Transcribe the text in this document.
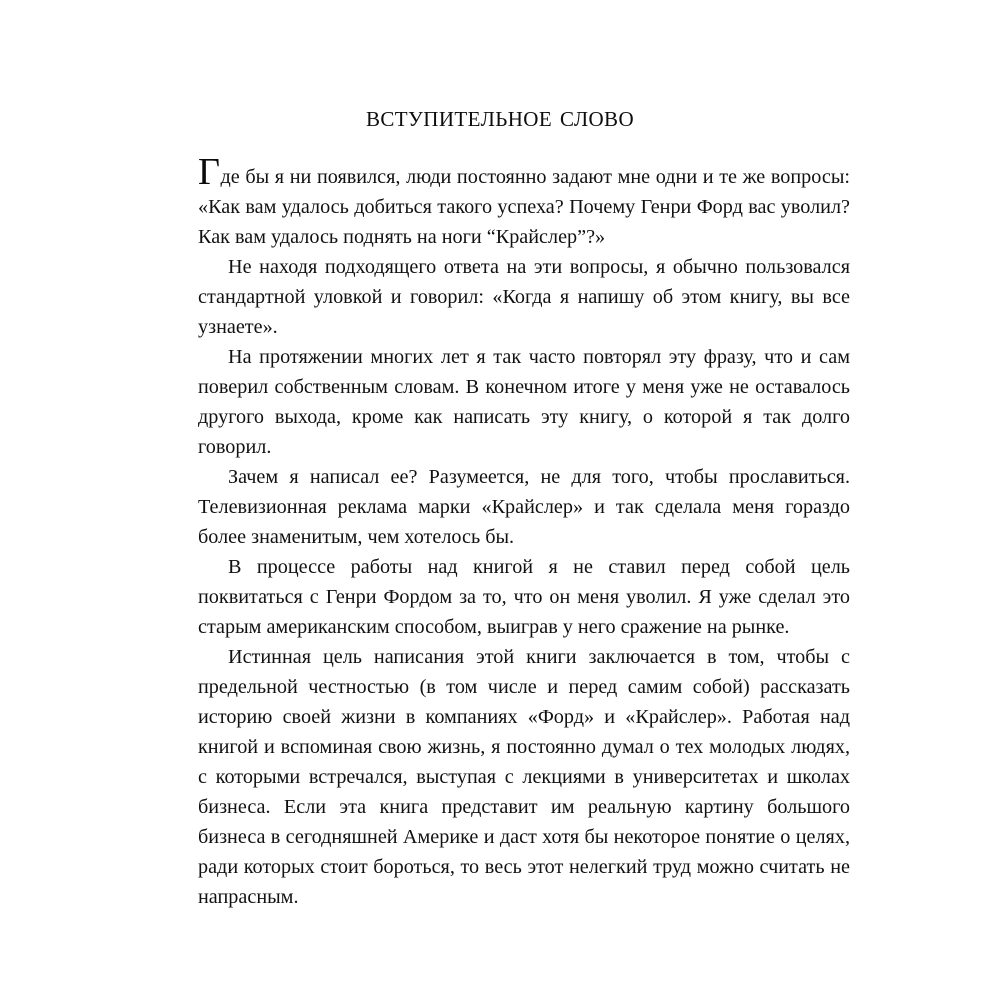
вступительное слово

Где бы я ни появился, люди постоянно задают мне одни и те же вопросы: «Как вам удалось добиться такого успеха? Почему Генри Форд вас уволил? Как вам удалось поднять на ноги “Крайслер”?»

Не находя подходящего ответа на эти вопросы, я обычно пользовался стандартной уловкой и говорил: «Когда я напишу об этом книгу, вы все узнаете».

На протяжении многих лет я так часто повторял эту фразу, что и сам поверил собственным словам. В конечном итоге у меня уже не оставалось другого выхода, кроме как написать эту книгу, о которой я так долго говорил.

Зачем я написал ее? Разумеется, не для того, чтобы прославиться. Телевизионная реклама марки «Крайслер» и так сделала меня гораздо более знаменитым, чем хотелось бы.

В процессе работы над книгой я не ставил перед собой цель поквитаться с Генри Фордом за то, что он меня уволил. Я уже сделал это старым американским способом, выиграв у него сражение на рынке.

Истинная цель написания этой книги заключается в том, чтобы с предельной честностью (в том числе и перед самим собой) рассказать историю своей жизни в компаниях «Форд» и «Крайслер». Работая над книгой и вспоминая свою жизнь, я постоянно думал о тех молодых людях, с которыми встречался, выступая с лекциями в университетах и школах бизнеса. Если эта книга представит им реальную картину большого бизнеса в сегодняшней Америке и даст хотя бы некоторое понятие о целях, ради которых стоит бороться, то весь этот нелегкий труд можно считать не напрасным.
